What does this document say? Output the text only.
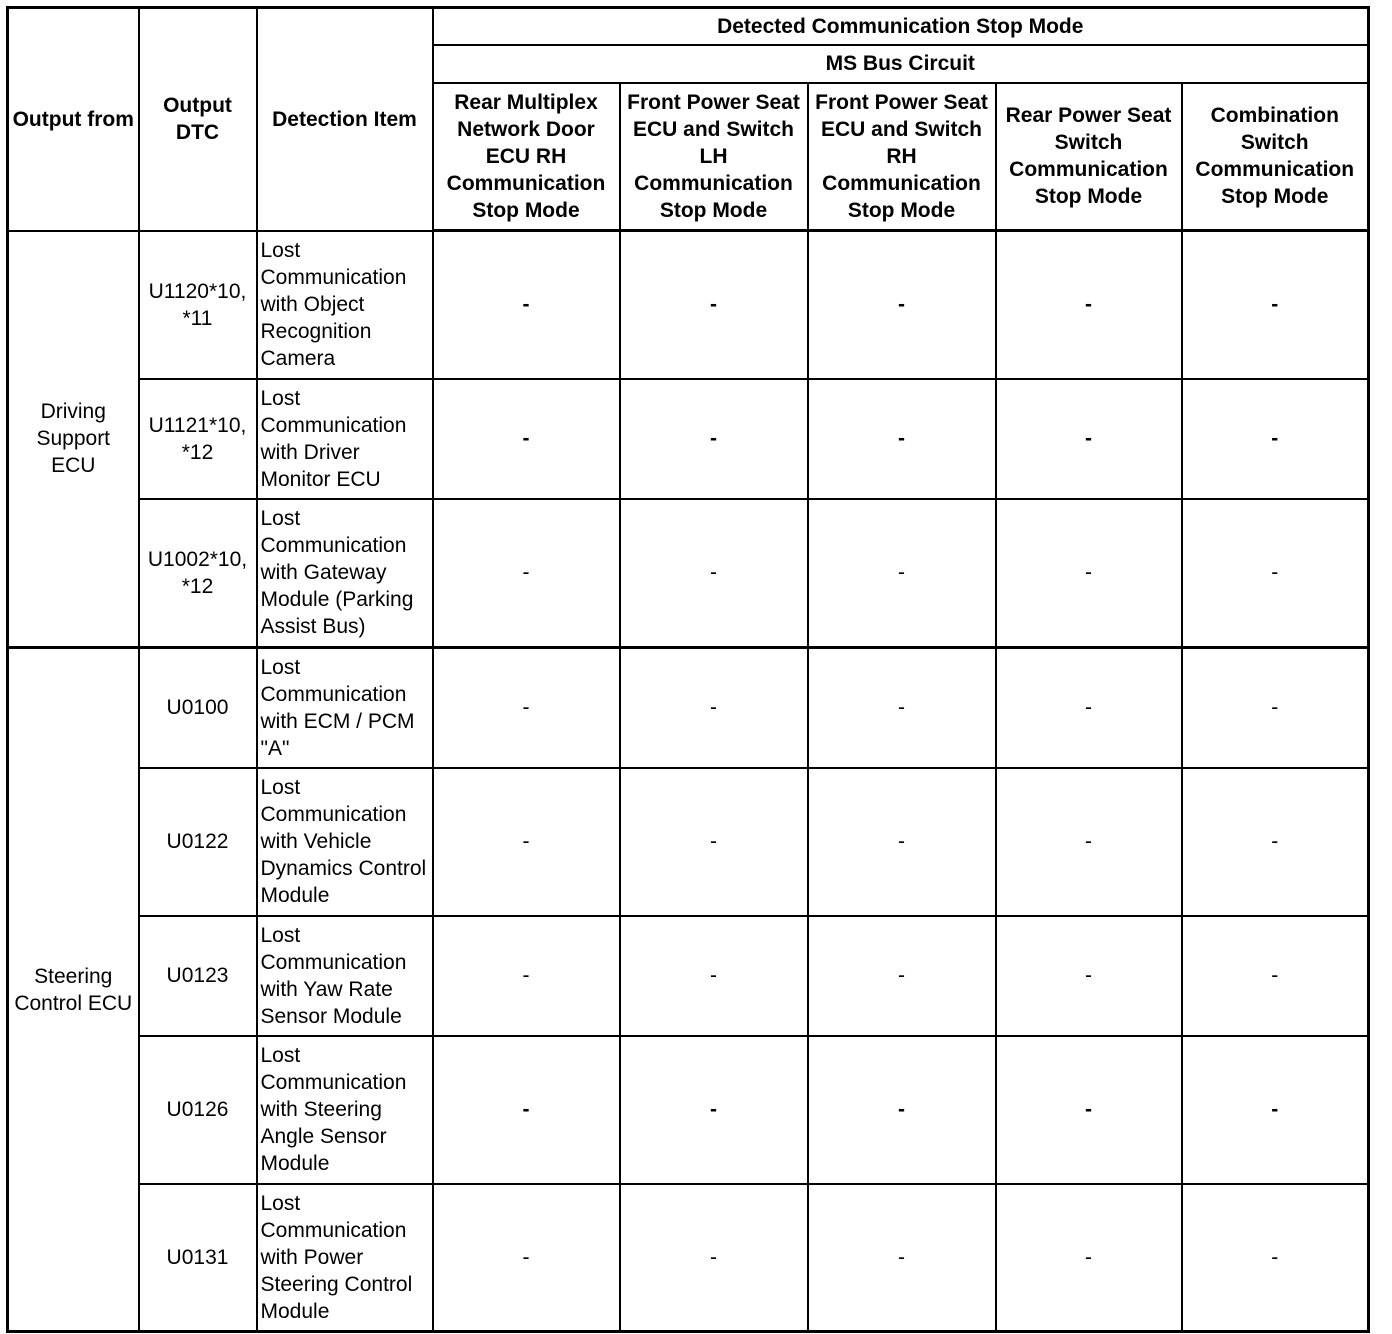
Output from	Output DTC	Detection Item	Detected Communication Stop Mode				
			MS Bus Circuit				
			Rear Multiplex Network Door ECU RH Communication Stop Mode	Front Power Seat ECU and Switch LH Communication Stop Mode	Front Power Seat ECU and Switch RH Communication Stop Mode	Rear Power Seat Switch Communication Stop Mode	Combination Switch Communication Stop Mode
Driving Support ECU	U1120*10, *11	Lost Communication with Object Recognition Camera	-	-	-	-	-
	U1121*10, *12	Lost Communication with Driver Monitor ECU	-	-	-	-	-
	U1002*10, *12	Lost Communication with Gateway Module (Parking Assist Bus)	-	-	-	-	-
Steering Control ECU	U0100	Lost Communication with ECM / PCM "A"	-	-	-	-	-
	U0122	Lost Communication with Vehicle Dynamics Control Module	-	-	-	-	-
	U0123	Lost Communication with Yaw Rate Sensor Module	-	-	-	-	-
	U0126	Lost Communication with Steering Angle Sensor Module	-	-	-	-	-
	U0131	Lost Communication with Power Steering Control Module	-	-	-	-	-
